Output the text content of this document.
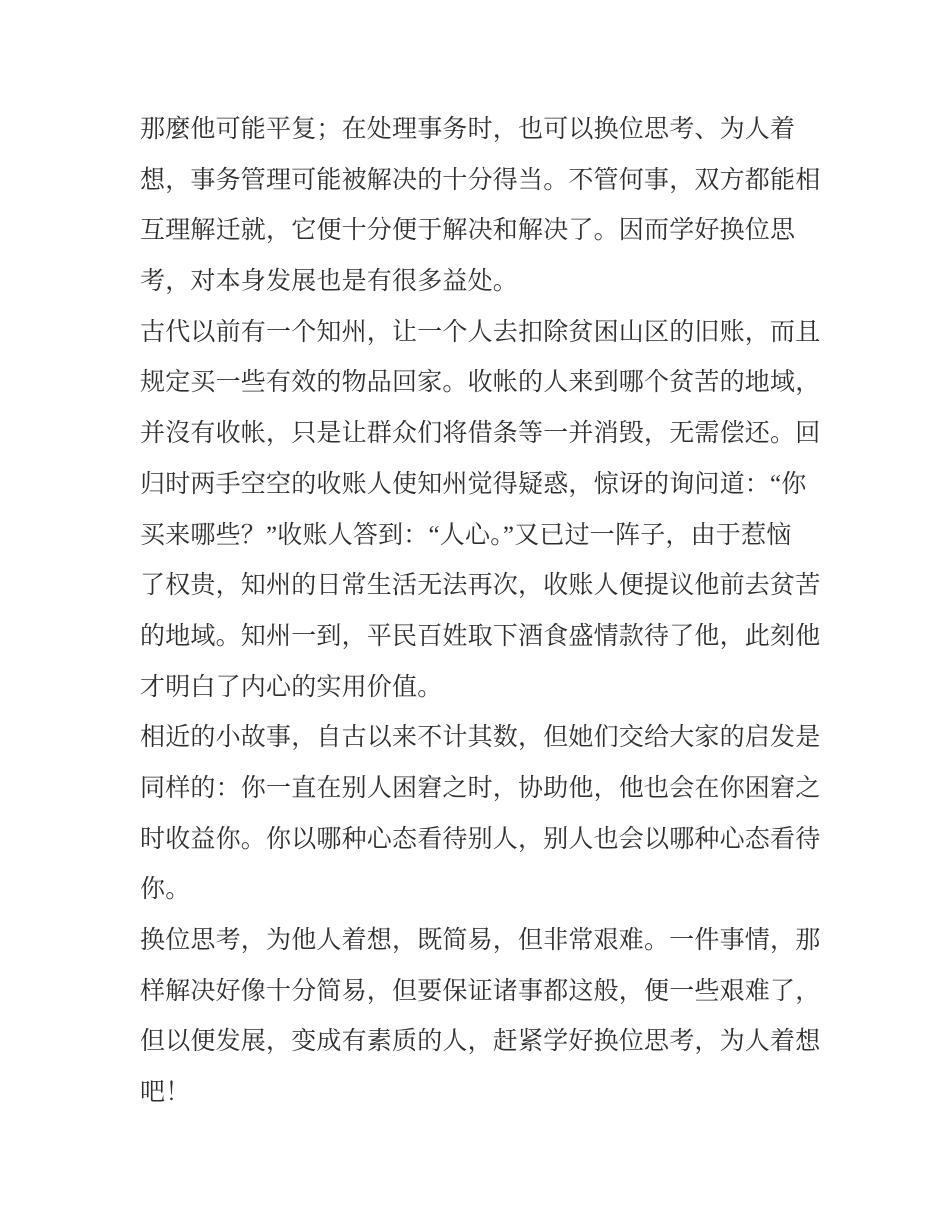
那麼他可能平复；在处理事务时，也可以换位思考、为人着
想，事务管理可能被解决的十分得当。不管何事，双方都能相
互理解迁就，它便十分便于解决和解决了。因而学好换位思
考，对本身发展也是有很多益处。

古代以前有一个知州，让一个人去扣除贫困山区的旧账，而且
规定买一些有效的物品回家。收帐的人来到哪个贫苦的地域，
并沒有收帐，只是让群众们将借条等一并消毁，无需偿还。回
归时两手空空的收账人使知州觉得疑惑，惊讶的询问道：“你
买来哪些？”收账人答到：“人心。”又已过一阵子，由于惹恼
了权贵，知州的日常生活无法再次，收账人便提议他前去贫苦
的地域。知州一到，平民百姓取下酒食盛情款待了他，此刻他
才明白了内心的实用价值。

相近的小故事，自古以来不计其数，但她们交给大家的启发是
同样的：你一直在别人困窘之时，协助他，他也会在你困窘之
时收益你。你以哪种心态看待别人，别人也会以哪种心态看待
你。

换位思考，为他人着想，既简易，但非常艰难。一件事情，那
样解决好像十分简易，但要保证诸事都这般，便一些艰难了，
但以便发展，变成有素质的人，赶紧学好换位思考，为人着想
吧！
